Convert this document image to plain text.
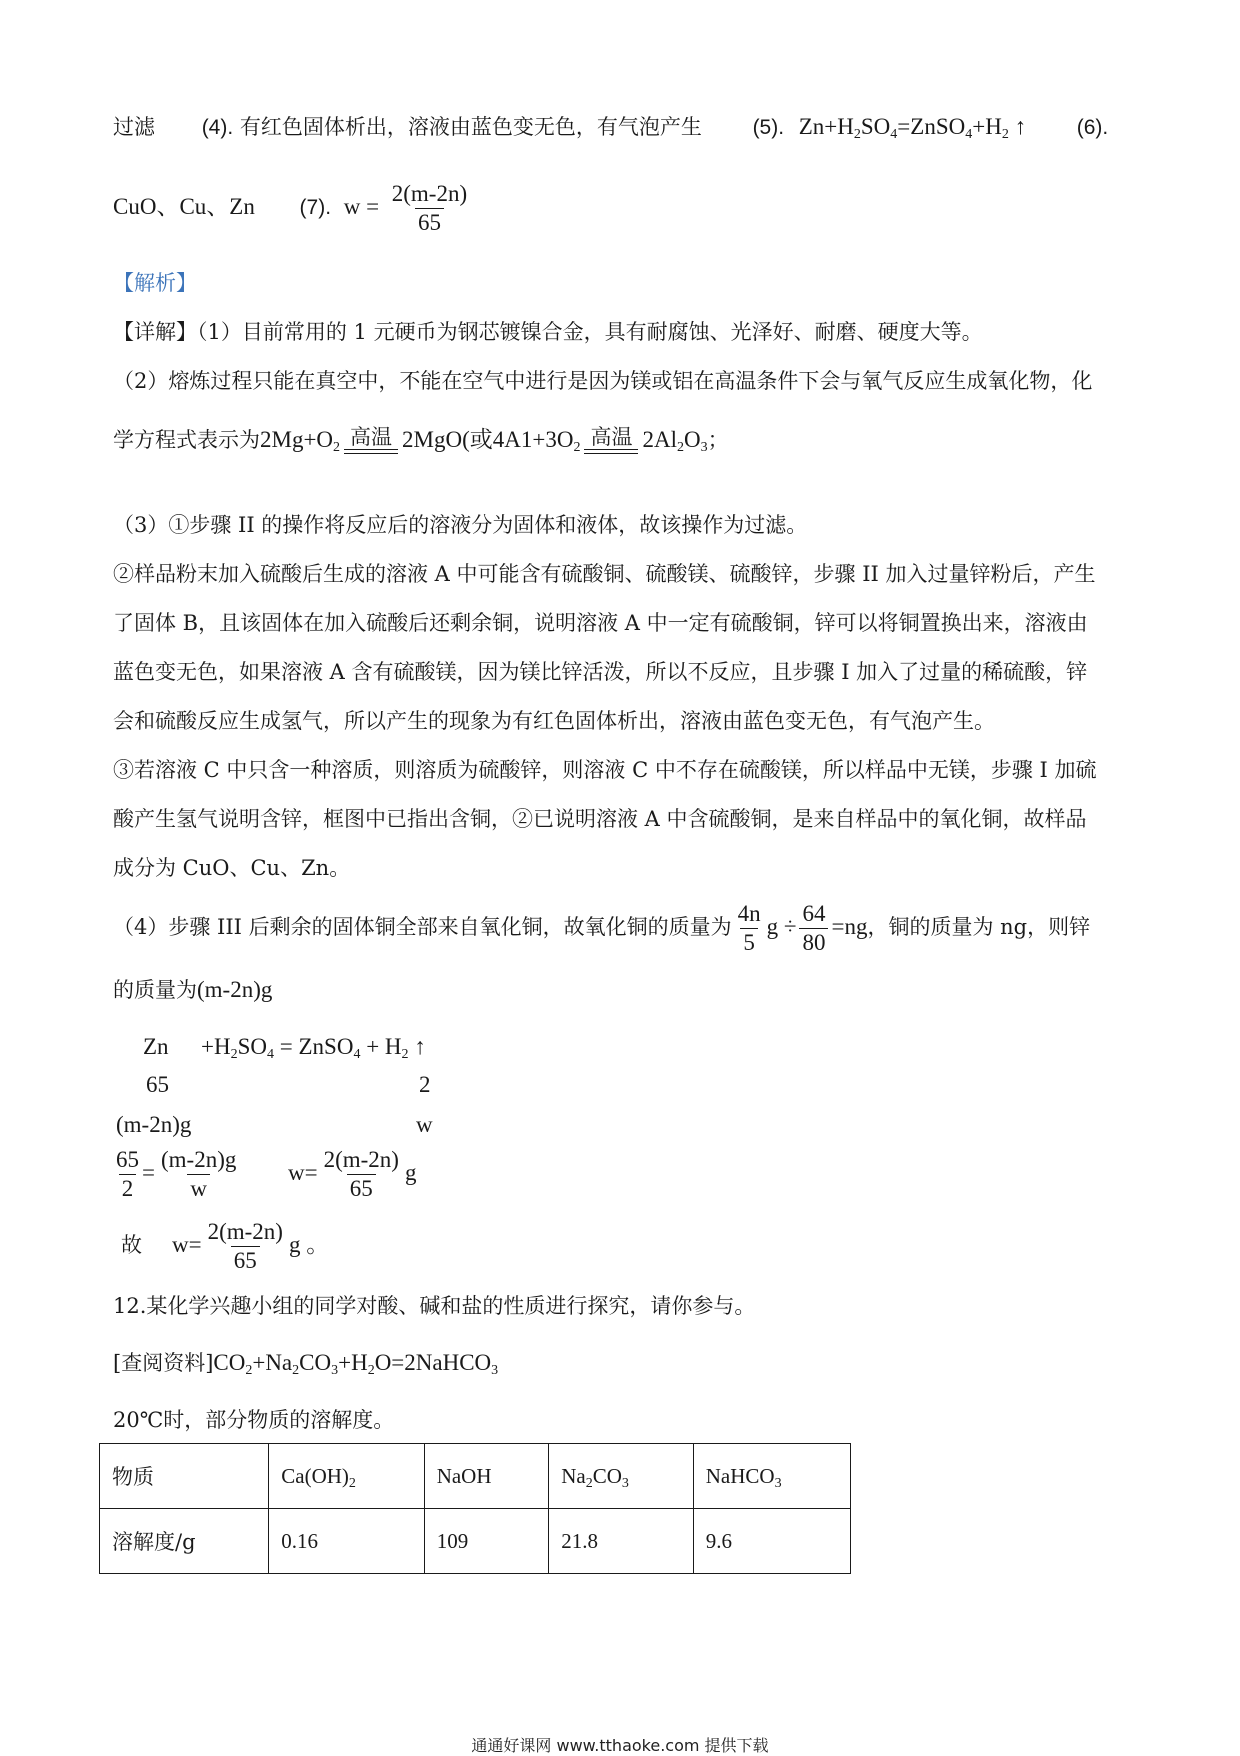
过滤 (4). 有红色固体析出，溶液由蓝色变无色，有气泡产生 (5). $Zn+H_2SO_4=ZnSO_4+H_2$ ↑ (6).
CuO、Cu、Zn (7). $w = \frac{2(m-2n)}{65}$
【解析】
【详解】（1）目前常用的 1 元硬币为钢芯镀镍合金，具有耐腐蚀、光泽好、耐磨、硬度大等。
（2）熔炼过程只能在真空中，不能在空气中进行是因为镁或铝在高温条件下会与氧气反应生成氧化物，化
学方程式表示为$2Mg+O_2$ 高温 2MgO(或$4A1+3O_2$ 高温 $2Al_2O_3$；
（3）①步骤 II 的操作将反应后的溶液分为固体和液体，故该操作为过滤。
②样品粉末加入硫酸后生成的溶液 A 中可能含有硫酸铜、硫酸镁、硫酸锌，步骤 II 加入过量锌粉后，产生
了固体 B，且该固体在加入硫酸后还剩余铜，说明溶液 A 中一定有硫酸铜，锌可以将铜置换出来，溶液由
蓝色变无色，如果溶液 A 含有硫酸镁，因为镁比锌活泼，所以不反应，且步骤 I 加入了过量的稀硫酸，锌
会和硫酸反应生成氢气，所以产生的现象为有红色固体析出，溶液由蓝色变无色，有气泡产生。
③若溶液 C 中只含一种溶质，则溶质为硫酸锌，则溶液 C 中不存在硫酸镁，所以样品中无镁，步骤 I 加硫
酸产生氢气说明含锌，框图中已指出含铜，②已说明溶液 A 中含硫酸铜，是来自样品中的氧化铜，故样品
成分为 CuO、Cu、Zn。
（4）步骤 III 后剩余的固体铜全部来自氧化铜，故氧化铜的质量为 $\frac{4n}{5}$ $g \div \frac{64}{80} =ng$，铜的质量为 ng，则锌
的质量为(m-2n)g
$Zn +H_2SO_4$ = ZnSO$_4$ + $H_2$ ↑
65	2
(m-2n)g	w
$\frac{65}{2} = \frac{(m-2n)g}{w} w= \frac{2(m-2n)}{65}$ g
故 $w= \frac{2(m-2n)}{65}$ g 。
12.某化学兴趣小组的同学对酸、碱和盐的性质进行探究，请你参与。
[查阅资料]$CO_2+Na_2CO_3+H_2O=2NaHCO_3$
20℃时，部分物质的溶解度。
物质	$Ca(OH)_2$	NaOH	$Na_2CO_3$	NaHCO$_3$
溶解度/g	0.16	109	21.8	9.6
通通好课网 www.tthaoke.com 提供下载
